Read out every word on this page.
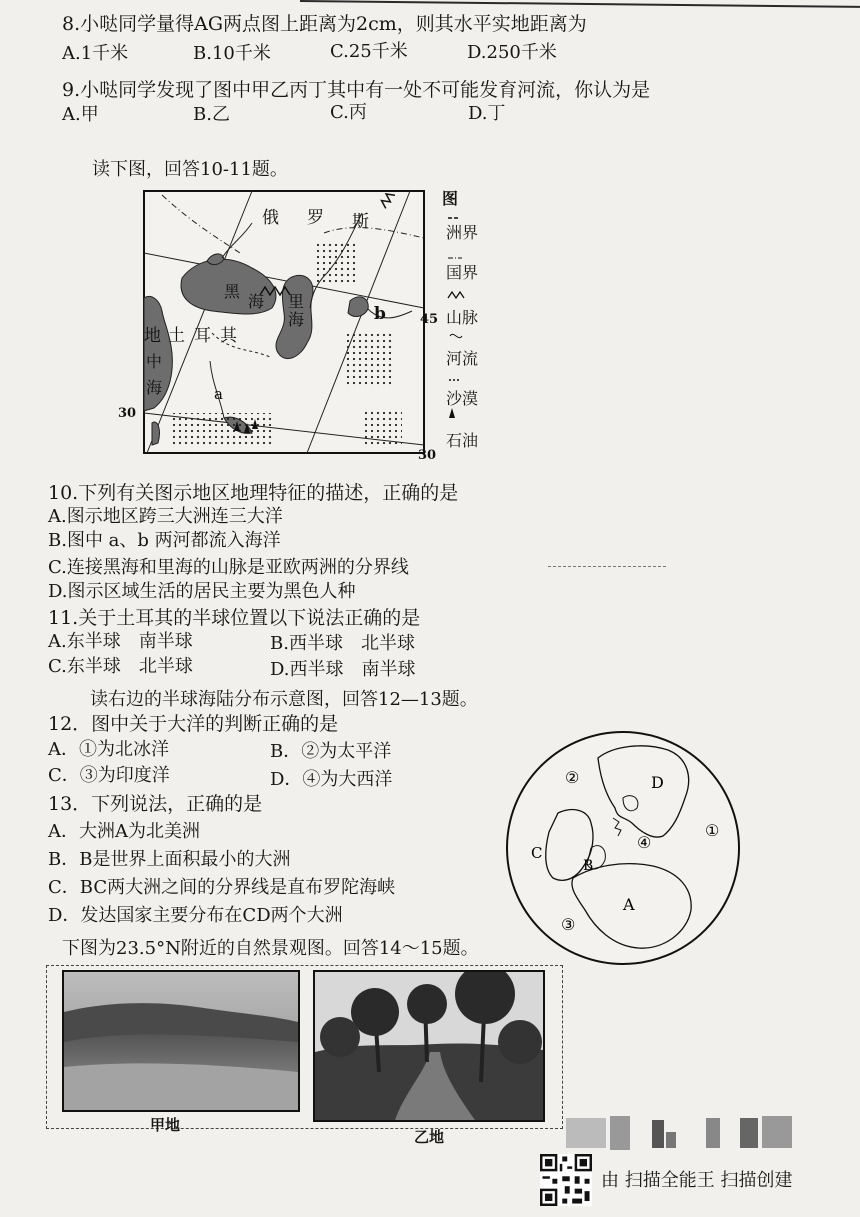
8.小哒同学量得AG两点图上距离为2cm，则其水平实地距离为
A.1千米	B.10千米	C.25千米	D.250千米
9.小哒同学发现了图中甲乙丙丁其中有一处不可能发育河流，你认为是
A.甲	B.乙	C.丙	D.丁
读下图，回答10-11题。
俄 罗 斯
黑
海 里
海
地 土 耳 其
中
海	a
b	45
30
30
图
洲界
国界
山脉
河流
沙漠
石油
10.下列有关图示地区地理特征的描述，正确的是
A.图示地区跨三大洲连三大洋
B.图中 a、b 两河都流入海洋
C.连接黑海和里海的山脉是亚欧两洲的分界线
D.图示区域生活的居民主要为黑色人种
11.关于土耳其的半球位置以下说法正确的是
A.东半球　南半球	B.西半球　北半球
C.东半球　北半球	D.西半球　南半球
读右边的半球海陆分布示意图，回答12—13题。
12．图中关于大洋的判断正确的是
A．①为北冰洋	B．②为太平洋
C．③为印度洋	D．④为大西洋
13．下列说法，正确的是
A．大洲A为北美洲
B．B是世界上面积最小的大洲
C．BC两大洲之间的分界线是直布罗陀海峡
D．发达国家主要分布在CD两个大洲
②	D
①
④
C
B
A
③
下图为23.5°N附近的自然景观图。回答14～15题。
甲地
乙地
由 扫描全能王 扫描创建
